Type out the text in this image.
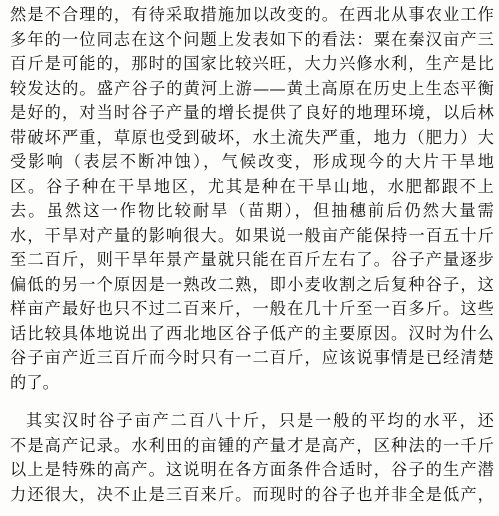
然是不合理的，有待采取措施加以改变的。在西北从事农业工作
多年的一位同志在这个问题上发表如下的看法：粟在秦汉亩产三
百斤是可能的，那时的国家比较兴旺，大力兴修水利，生产是比
较发达的。盛产谷子的黄河上游——黄土高原在历史上生态平衡
是好的，对当时谷子产量的增长提供了良好的地理环境，以后林
带破坏严重，草原也受到破坏，水土流失严重，地力（肥力）大
受影响（表层不断冲蚀），气候改变，形成现今的大片干旱地
区。谷子种在干旱地区，尤其是种在干旱山地，水肥都跟不上
去。虽然这一作物比较耐旱（苗期），但抽穗前后仍然大量需
水，干旱对产量的影响很大。如果说一般亩产能保持一百五十斤
至二百斤，则干旱年景产量就只能在百斤左右了。谷子产量逐步
偏低的另一个原因是一熟改二熟，即小麦收割之后复种谷子，这
样亩产最好也只不过二百来斤，一般在几十斤至一百多斤。这些
话比较具体地说出了西北地区谷子低产的主要原因。汉时为什么
谷子亩产近三百斤而今时只有一二百斤，应该说事情是已经清楚
的了。
其实汉时谷子亩产二百八十斤，只是一般的平均的水平，还
不是高产记录。水利田的亩锺的产量才是高产，区种法的一千斤
以上是特殊的高产。这说明在各方面条件合适时，谷子的生产潜
力还很大，决不止是三百来斤。而现时的谷子也并非全是低产，
